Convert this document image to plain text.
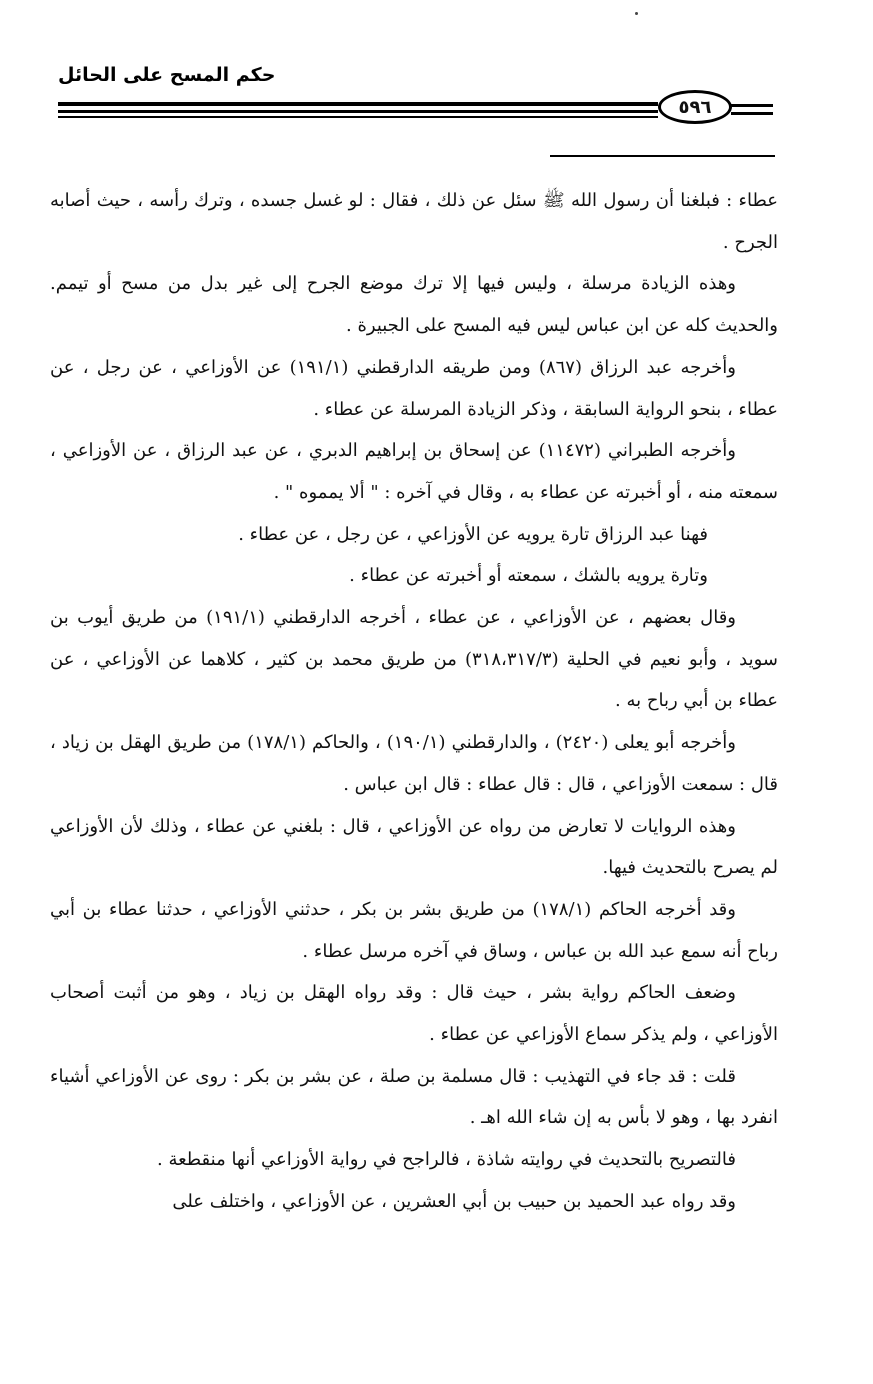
حكم المسح على الحائل
٥٩٦

عطاء : فبلغنا أن رسول الله ﷺ سئل عن ذلك ، فقال : لو غسل جسده ، وترك رأسه ، حيث أصابه الجرح .

وهذه الزيادة مرسلة ، وليس فيها إلا ترك موضع الجرح إلى غير بدل من مسح أو تيمم. والحديث كله عن ابن عباس ليس فيه المسح على الجبيرة .

وأخرجه عبد الرزاق (٨٦٧) ومن طريقه الدارقطني (١٩١/١) عن الأوزاعي ، عن رجل ، عن عطاء ، بنحو الرواية السابقة ، وذكر الزيادة المرسلة عن عطاء .

وأخرجه الطبراني (١١٤٧٢) عن إسحاق بن إبراهيم الدبري ، عن عبد الرزاق ، عن الأوزاعي ، سمعته منه ، أو أخبرته عن عطاء به ، وقال في آخره : " ألا يمموه " .

فهنا عبد الرزاق تارة يرويه عن الأوزاعي ، عن رجل ، عن عطاء .

وتارة يرويه بالشك ، سمعته أو أخبرته عن عطاء .

وقال بعضهم ، عن الأوزاعي ، عن عطاء ، أخرجه الدارقطني (١٩١/١) من طريق أيوب بن سويد ، وأبو نعيم في الحلية (٣١٨،٣١٧/٣) من طريق محمد بن كثير ، كلاهما عن الأوزاعي ، عن عطاء بن أبي رباح به .

وأخرجه أبو يعلى (٢٤٢٠) ، والدارقطني (١٩٠/١) ، والحاكم (١٧٨/١) من طريق الهقل بن زياد ، قال : سمعت الأوزاعي ، قال : قال عطاء : قال ابن عباس .

وهذه الروايات لا تعارض من رواه عن الأوزاعي ، قال : بلغني عن عطاء ، وذلك لأن الأوزاعي لم يصرح بالتحديث فيها.

وقد أخرجه الحاكم (١٧٨/١) من طريق بشر بن بكر ، حدثني الأوزاعي ، حدثنا عطاء بن أبي رباح أنه سمع عبد الله بن عباس ، وساق في آخره مرسل عطاء .

وضعف الحاكم رواية بشر ، حيث قال : وقد رواه الهقل بن زياد ، وهو من أثبت أصحاب الأوزاعي ، ولم يذكر سماع الأوزاعي عن عطاء .

قلت : قد جاء في التهذيب : قال مسلمة بن صلة ، عن بشر بن بكر : روى عن الأوزاعي أشياء انفرد بها ، وهو لا بأس به إن شاء الله اهـ .

فالتصريح بالتحديث في روايته شاذة ، فالراجح في رواية الأوزاعي أنها منقطعة .

وقد رواه عبد الحميد بن حبيب بن أبي العشرين ، عن الأوزاعي ، واختلف على
